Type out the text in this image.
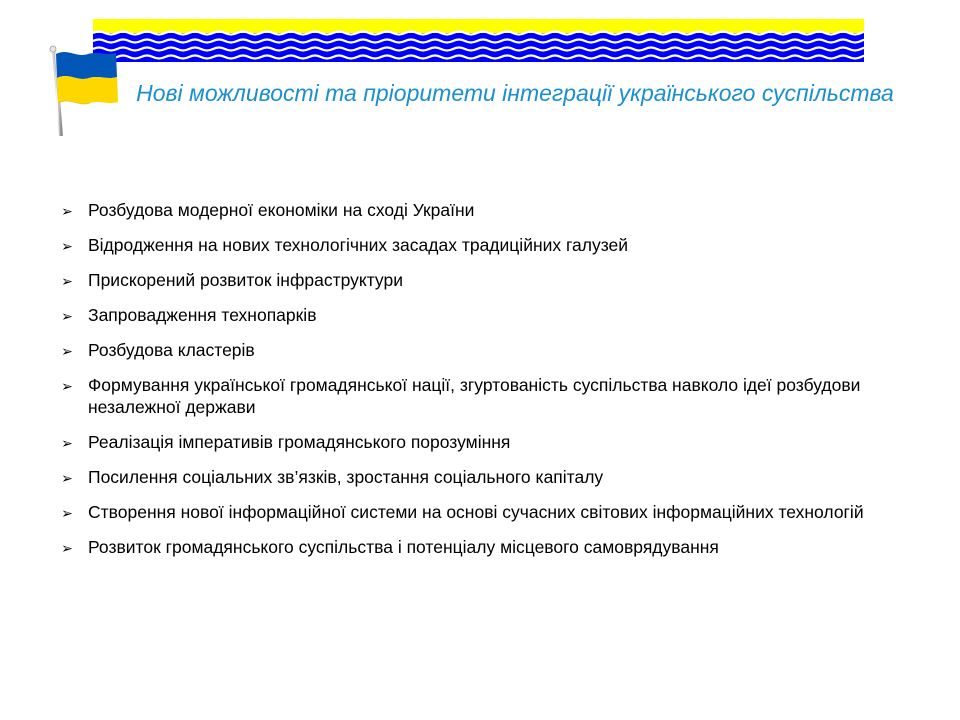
Нові можливості та пріоритети інтеграції українського суспільства
➢ Розбудова модерної економіки на сході України
➢ Відродження на нових технологічних засадах традиційних галузей
➢ Прискорений розвиток інфраструктури
➢ Запровадження технопарків
➢ Розбудова кластерів
➢ Формування української громадянської нації, згуртованість суспільства навколо ідеї розбудови незалежної держави
➢ Реалізація імперативів громадянського порозуміння
➢ Посилення соціальних зв’язків, зростання соціального капіталу
➢ Створення нової інформаційної системи на основі сучасних світових інформаційних технологій
➢ Розвиток громадянського суспільства і потенціалу місцевого самоврядування
